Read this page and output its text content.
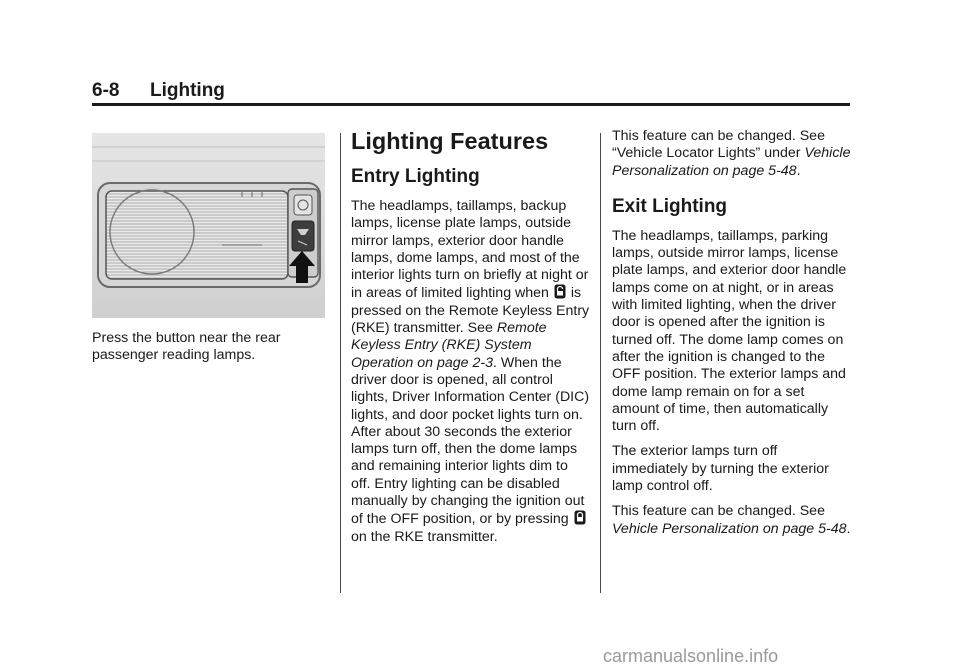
6-8 Lighting

Press the button near the rear passenger reading lamps.

Lighting Features
Entry Lighting

The headlamps, taillamps, backup lamps, license plate lamps, outside mirror lamps, exterior door handle lamps, dome lamps, and most of the interior lights turn on briefly at night or in areas of limited lighting when is pressed on the Remote Keyless Entry (RKE) transmitter. See Remote Keyless Entry (RKE) System Operation on page 2-3. When the driver door is opened, all control lights, Driver Information Center (DIC) lights, and door pocket lights turn on. After about 30 seconds the exterior lamps turn off, then the dome lamps and remaining interior lights dim to off. Entry lighting can be disabled manually by changing the ignition out of the OFF position, or by pressing  on the RKE transmitter.

This feature can be changed. See “Vehicle Locator Lights” under Vehicle Personalization on page 5-48.

Exit Lighting

The headlamps, taillamps, parking lamps, outside mirror lamps, license plate lamps, and exterior door handle lamps come on at night, or in areas with limited lighting, when the driver door is opened after the ignition is turned off. The dome lamp comes on after the ignition is changed to the OFF position. The exterior lamps and dome lamp remain on for a set amount of time, then automatically turn off.

The exterior lamps turn off immediately by turning the exterior lamp control off.

This feature can be changed. See Vehicle Personalization on page 5-48.

carmanualsonline.info
